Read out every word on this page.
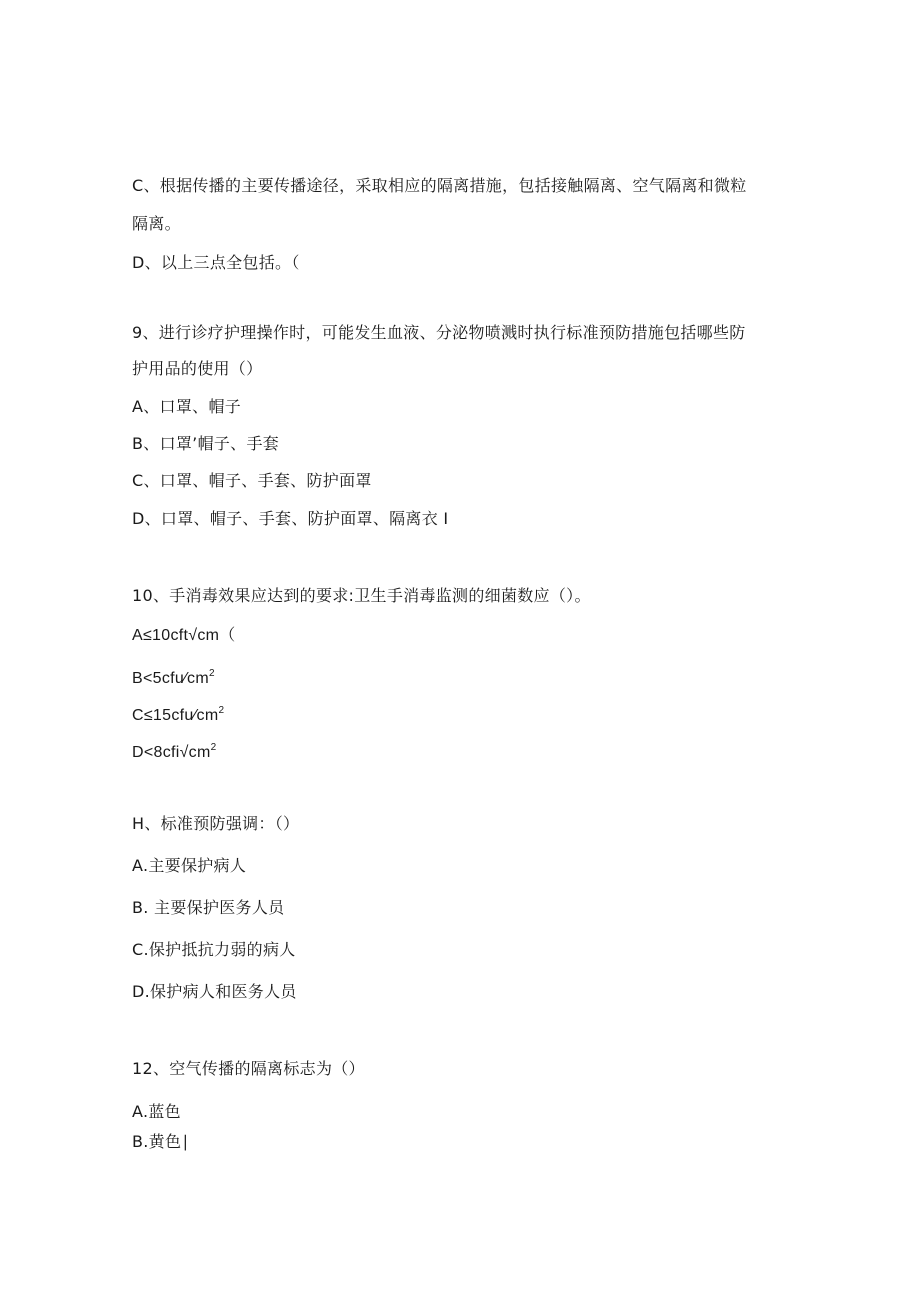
C、根据传播的主要传播途径，采取相应的隔离措施，包括接触隔离、空气隔离和微粒
隔离。
D、以上三点全包括。（
9、进行诊疗护理操作时，可能发生血液、分泌物喷溅时执行标准预防措施包括哪些防
护用品的使用（）
A、口罩、帽子
B、口罩’帽子、手套
C、口罩、帽子、手套、防护面罩
D、口罩、帽子、手套、防护面罩、隔离衣 I
10、手消毒效果应达到的要求:卫生手消毒监测的细菌数应（）。
A≤10cft√cm（
$B<5cfu⁄cm^2$
$C\le 15cfu⁄cm^2$
$D<8cfi√cm^2$
H、标准预防强调：（）
A.主要保护病人
B. 主要保护医务人员
C.保护抵抗力弱的病人
D.保护病人和医务人员
12、空气传播的隔离标志为（）
A.蓝色
B.黄色∣
